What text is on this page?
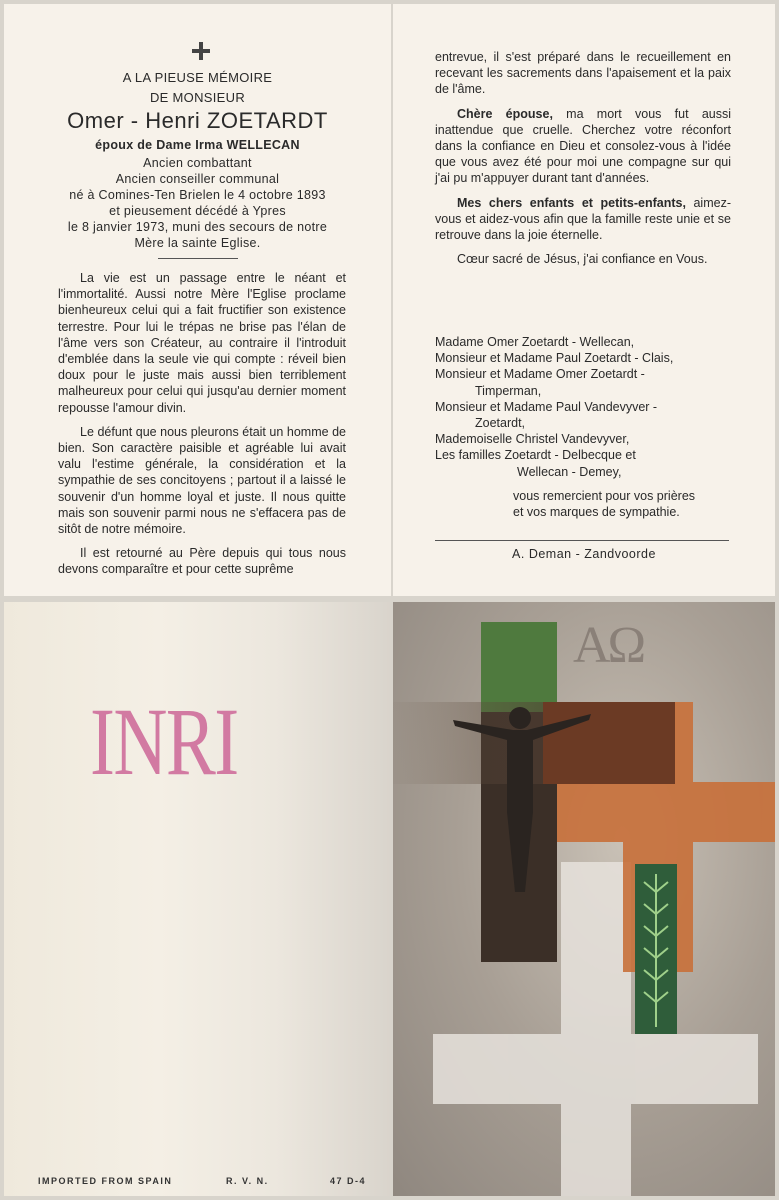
A LA PIEUSE MÉMOIRE
DE MONSIEUR
Omer - Henri ZOETARDT
époux de Dame Irma WELLECAN
Ancien combattant
Ancien conseiller communal
né à Comines-Ten Brielen le 4 octobre 1893
et pieusement décédé à Ypres
le 8 janvier 1973, muni des secours de notre
Mère la sainte Eglise.

La vie est un passage entre le néant et l'immortalité. Aussi notre Mère l'Eglise proclame bienheureux celui qui a fait fructifier son existence terrestre. Pour lui le trépas ne brise pas l'élan de l'âme vers son Créateur, au contraire il l'introduit d'emblée dans la seule vie qui compte : réveil bien doux pour le juste mais aussi bien terriblement malheureux pour celui qui jusqu'au dernier moment repousse l'amour divin.

Le défunt que nous pleurons était un homme de bien. Son caractère paisible et agréable lui avait valu l'estime générale, la considération et la sympathie de ses concitoyens ; partout il a laissé le souvenir d'un homme loyal et juste. Il nous quitte mais son souvenir parmi nous ne s'effacera pas de sitôt de notre mémoire.

Il est retourné au Père depuis qui tous nous devons comparaître et pour cette suprême

entrevue, il s'est préparé dans le recueillement en recevant les sacrements dans l'apaisement et la paix de l'âme.

Chère épouse, ma mort vous fut aussi inattendue que cruelle. Cherchez votre réconfort dans la confiance en Dieu et consolez-vous à l'idée que vous avez été pour moi une compagne sur qui j'ai pu m'appuyer durant tant d'années.

Mes chers enfants et petits-enfants, aimez-vous et aidez-vous afin que la famille reste unie et se retrouve dans la joie éternelle.

Cœur sacré de Jésus, j'ai confiance en Vous.

Madame Omer Zoetardt - Wellecan,
Monsieur et Madame Paul Zoetardt - Clais,
Monsieur et Madame Omer Zoetardt -
Timperman,
Monsieur et Madame Paul Vandevyver -
Zoetardt,
Mademoiselle Christel Vandevyver,
Les familles Zoetardt - Delbecque et
Wellecan - Demey,
vous remercient pour vos prières
et vos marques de sympathie.
A. Deman - Zandvoorde
INRI
IMPORTED FROM SPAIN	R. V. N.	47 D-4
AΩ
